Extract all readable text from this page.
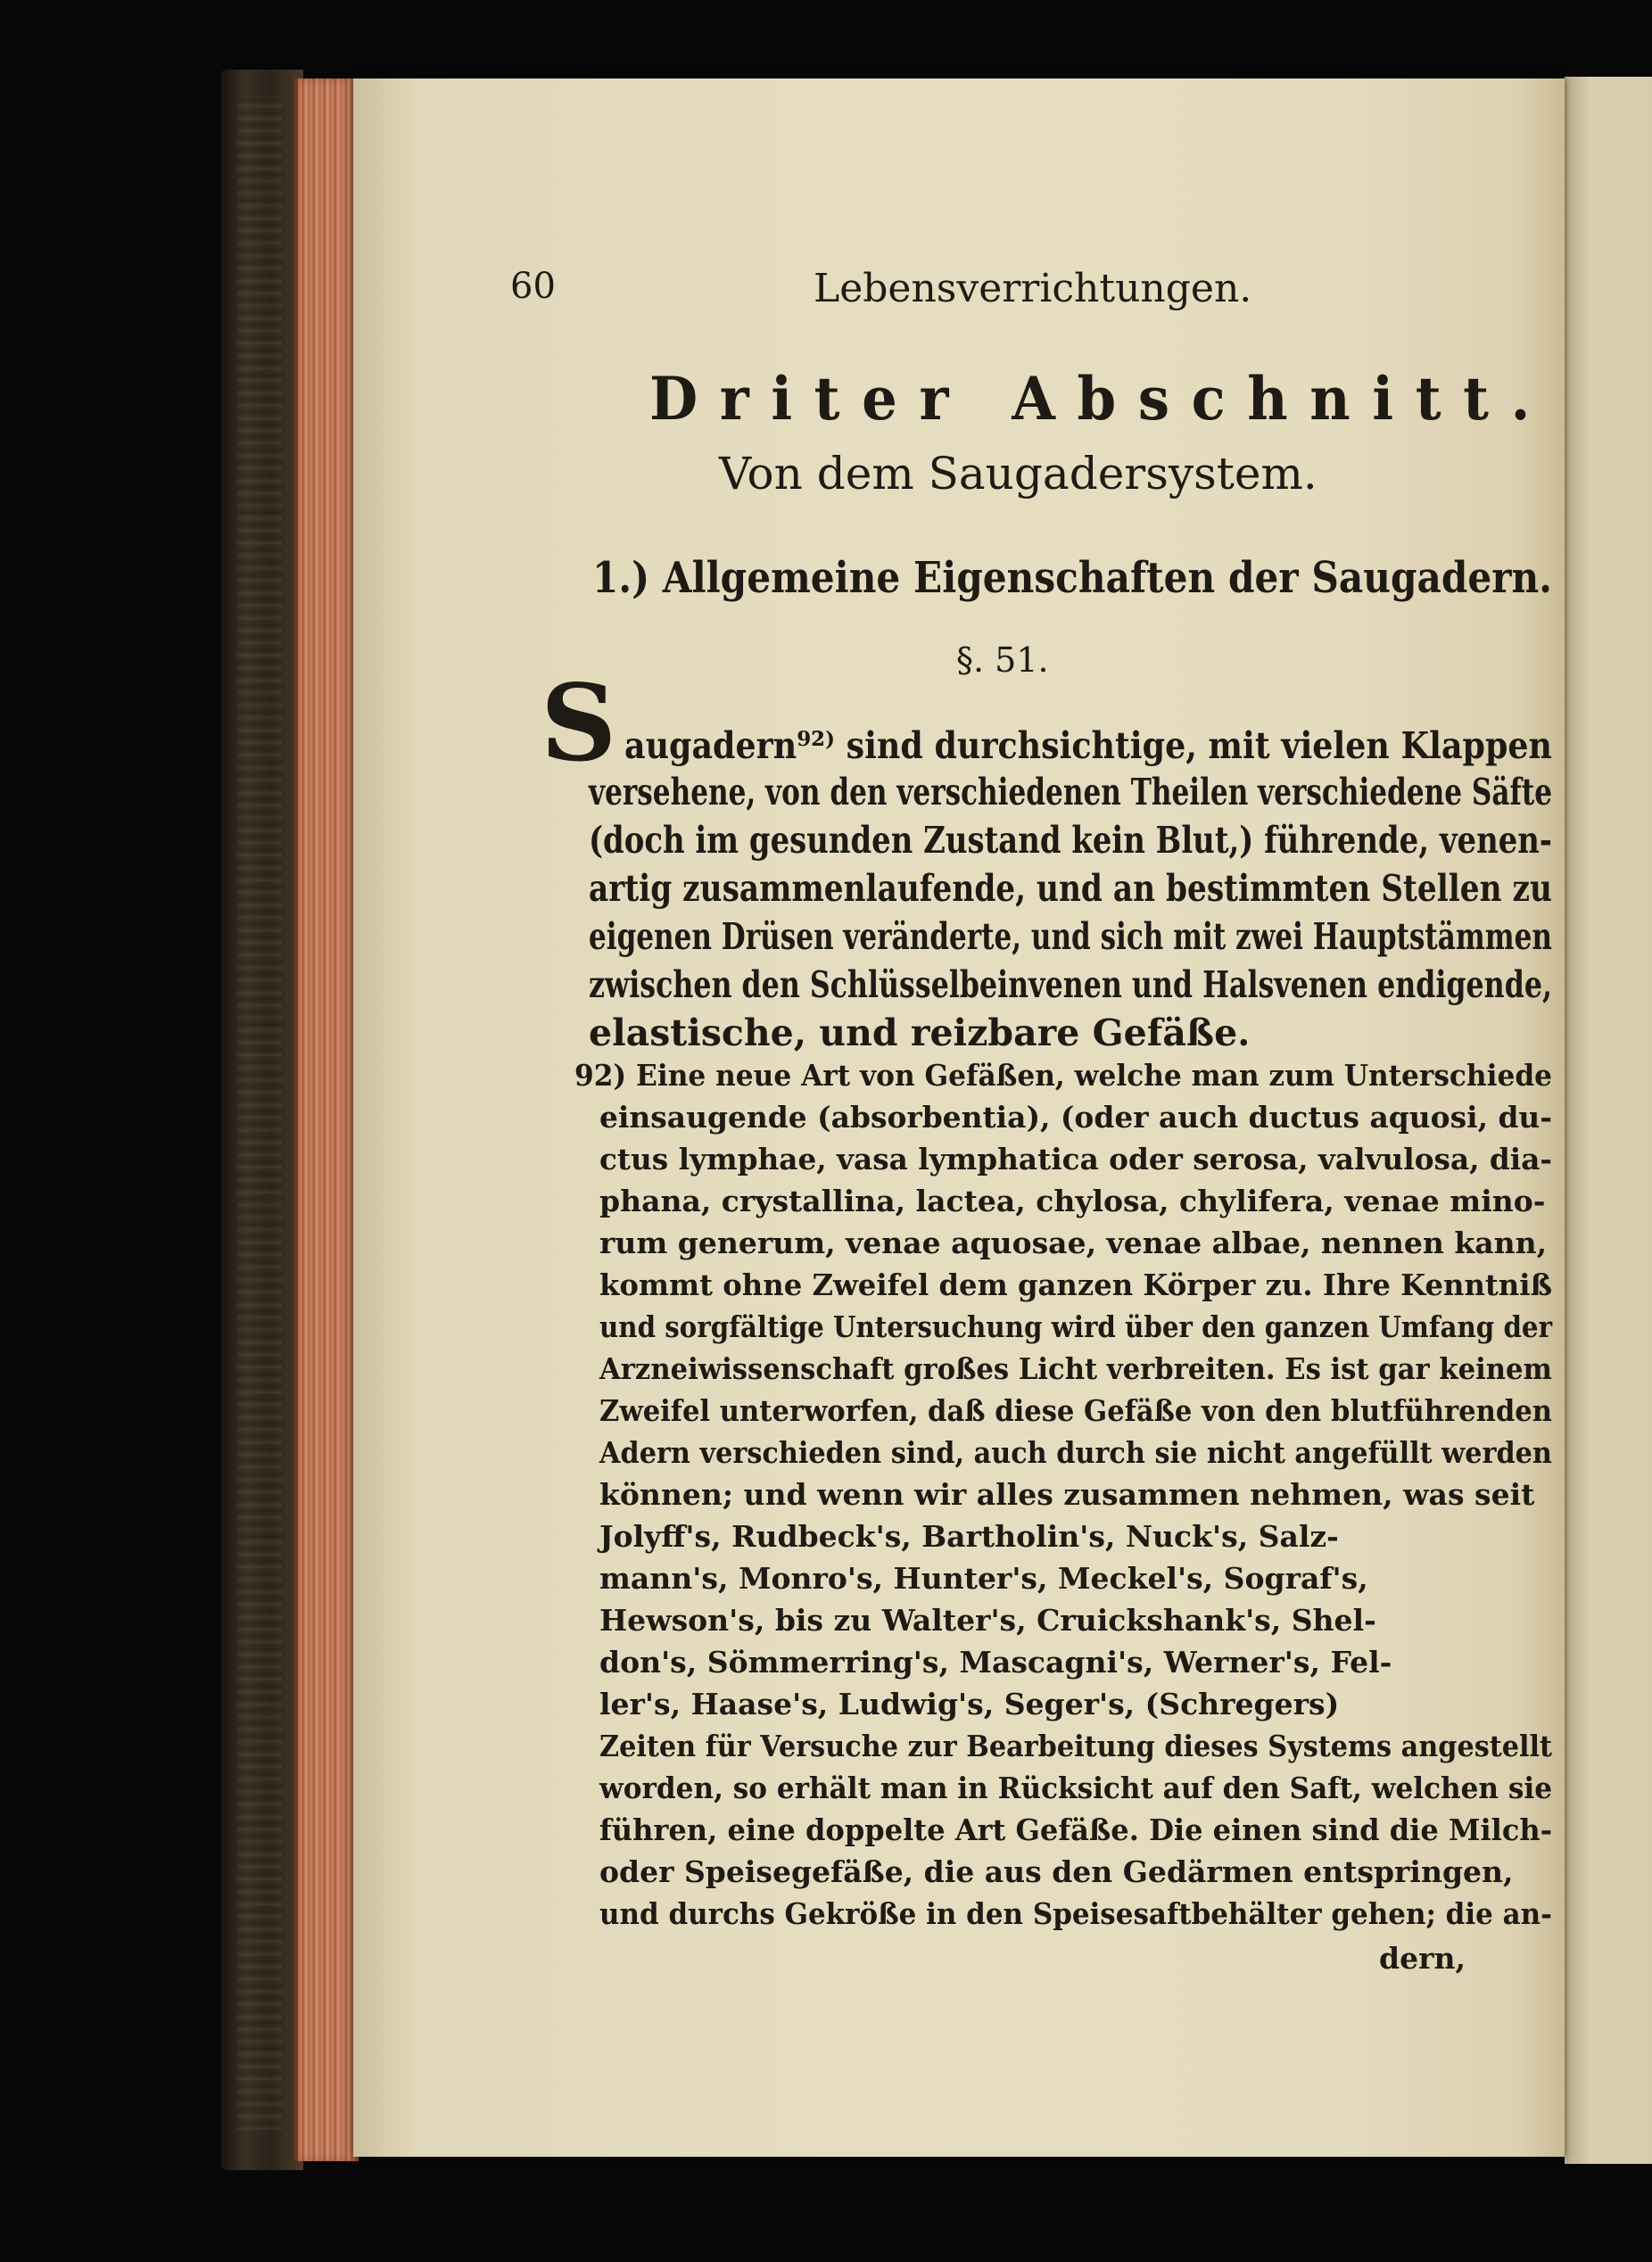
60	Lebensverrichtungen.
Driter Abschnitt.
Von dem Saugadersystem.
1.) Allgemeine Eigenschaften der Saugadern.
§. 51.
S augadern⁹²⁾ sind durchsichtige, mit vielen Klappen
versehene, von den verschiedenen Theilen verschiedene Säfte
(doch im gesunden Zustand kein Blut,) führende, venen-
artig zusammenlaufende, und an bestimmten Stellen zu
eigenen Drüsen veränderte, und sich mit zwei Hauptstämmen
zwischen den Schlüsselbeinvenen und Halsvenen endigende,
elastische, und reizbare Gefäße.
92) Eine neue Art von Gefäßen, welche man zum Unterschiede
einsaugende (absorbentia), (oder auch ductus aquosi, du-
ctus lymphae, vasa lymphatica oder serosa, valvulosa, dia-
phana, crystallina, lactea, chylosa, chylifera, venae mino-
rum generum, venae aquosae, venae albae, nennen kann,
kommt ohne Zweifel dem ganzen Körper zu. Ihre Kenntniß
und sorgfältige Untersuchung wird über den ganzen Umfang der
Arzneiwissenschaft großes Licht verbreiten. Es ist gar keinem
Zweifel unterworfen, daß diese Gefäße von den blutführenden
Adern verschieden sind, auch durch sie nicht angefüllt werden
können; und wenn wir alles zusammen nehmen, was seit
Jolyff's, Rudbeck's, Bartholin's, Nuck's, Salz-
mann's, Monro's, Hunter's, Meckel's, Sograf's,
Hewson's, bis zu Walter's, Cruickshank's, Shel-
don's, Sömmerring's, Mascagni's, Werner's, Fel-
ler's, Haase's, Ludwig's, Seger's, (Schregers)
Zeiten für Versuche zur Bearbeitung dieses Systems angestellt
worden, so erhält man in Rücksicht auf den Saft, welchen sie
führen, eine doppelte Art Gefäße. Die einen sind die Milch-
oder Speisegefäße, die aus den Gedärmen entspringen,
und durchs Gekröße in den Speisesaftbehälter gehen; die an-
dern,
